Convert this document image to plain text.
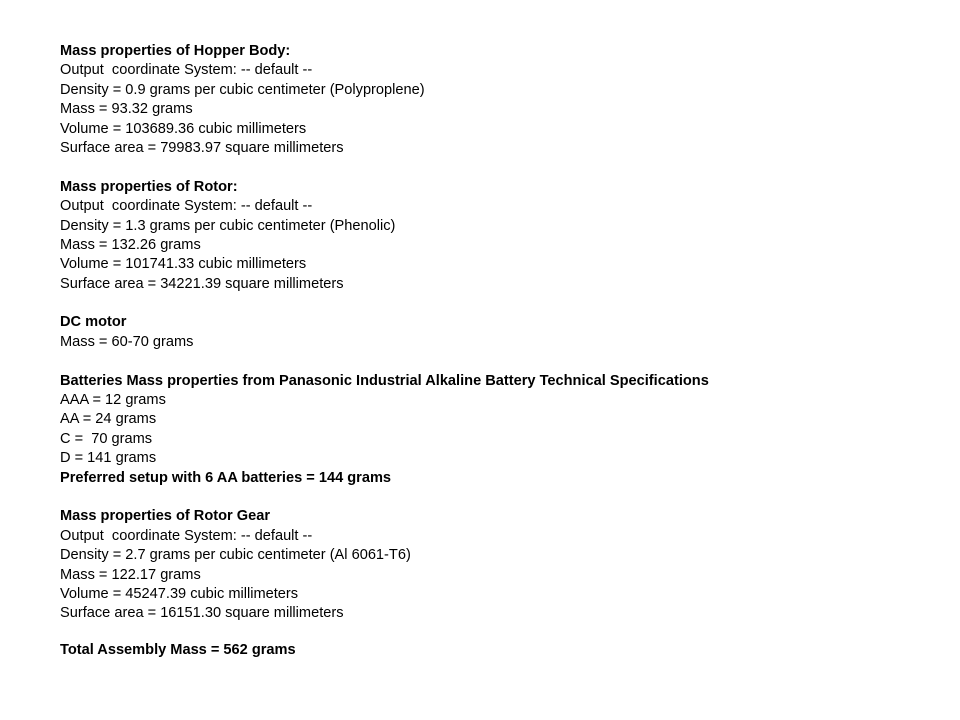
Mass properties of Hopper Body:
Output  coordinate System: -- default --
Density = 0.9 grams per cubic centimeter (Polyproplene)
Mass = 93.32 grams
Volume = 103689.36 cubic millimeters
Surface area = 79983.97 square millimeters
Mass properties of Rotor:
Output  coordinate System: -- default --
Density = 1.3 grams per cubic centimeter (Phenolic)
Mass = 132.26 grams
Volume = 101741.33 cubic millimeters
Surface area = 34221.39 square millimeters
DC motor
Mass = 60-70 grams
Batteries Mass properties from Panasonic Industrial Alkaline Battery Technical Specifications
AAA = 12 grams
AA = 24 grams
C =  70 grams
D = 141 grams
Preferred setup with 6 AA batteries = 144 grams
Mass properties of Rotor Gear
Output  coordinate System: -- default --
Density = 2.7 grams per cubic centimeter (Al 6061-T6)
Mass = 122.17 grams
Volume = 45247.39 cubic millimeters
Surface area = 16151.30 square millimeters
Total Assembly Mass = 562 grams
